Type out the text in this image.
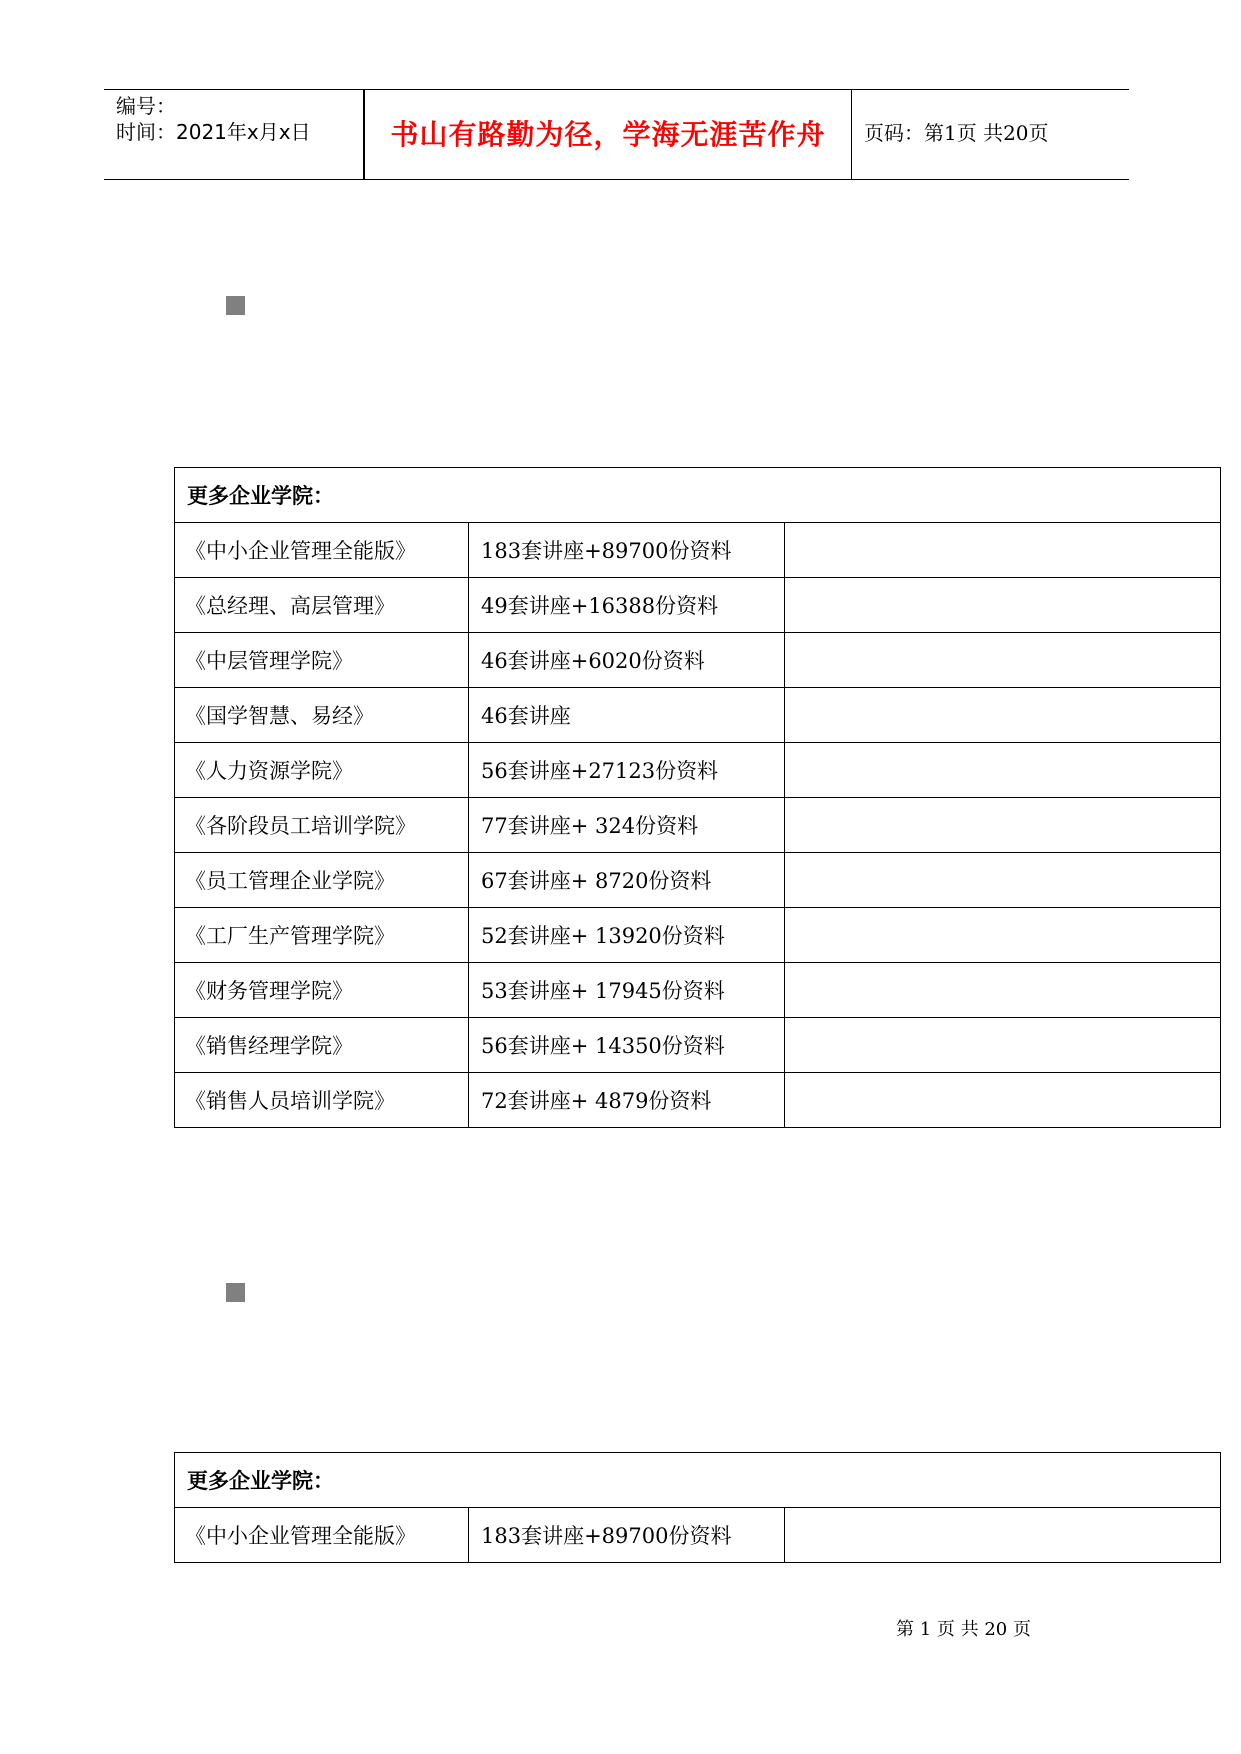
编号：
时间：2021年x月x日	书山有路勤为径，学海无涯苦作舟	页码：第1页 共20页
更多企业学院：		
《中小企业管理全能版》	183套讲座+89700份资料	
《总经理、高层管理》	49套讲座+16388份资料	
《中层管理学院》	46套讲座+6020份资料	
《国学智慧、易经》	46套讲座	
《人力资源学院》	56套讲座+27123份资料	
《各阶段员工培训学院》	77套讲座+ 324份资料	
《员工管理企业学院》	67套讲座+ 8720份资料	
《工厂生产管理学院》	52套讲座+ 13920份资料	
《财务管理学院》	53套讲座+ 17945份资料	
《销售经理学院》	56套讲座+ 14350份资料	
《销售人员培训学院》	72套讲座+ 4879份资料	
更多企业学院：
《中小企业管理全能版》	183套讲座+89700份资料	
第 1 页 共 20 页
